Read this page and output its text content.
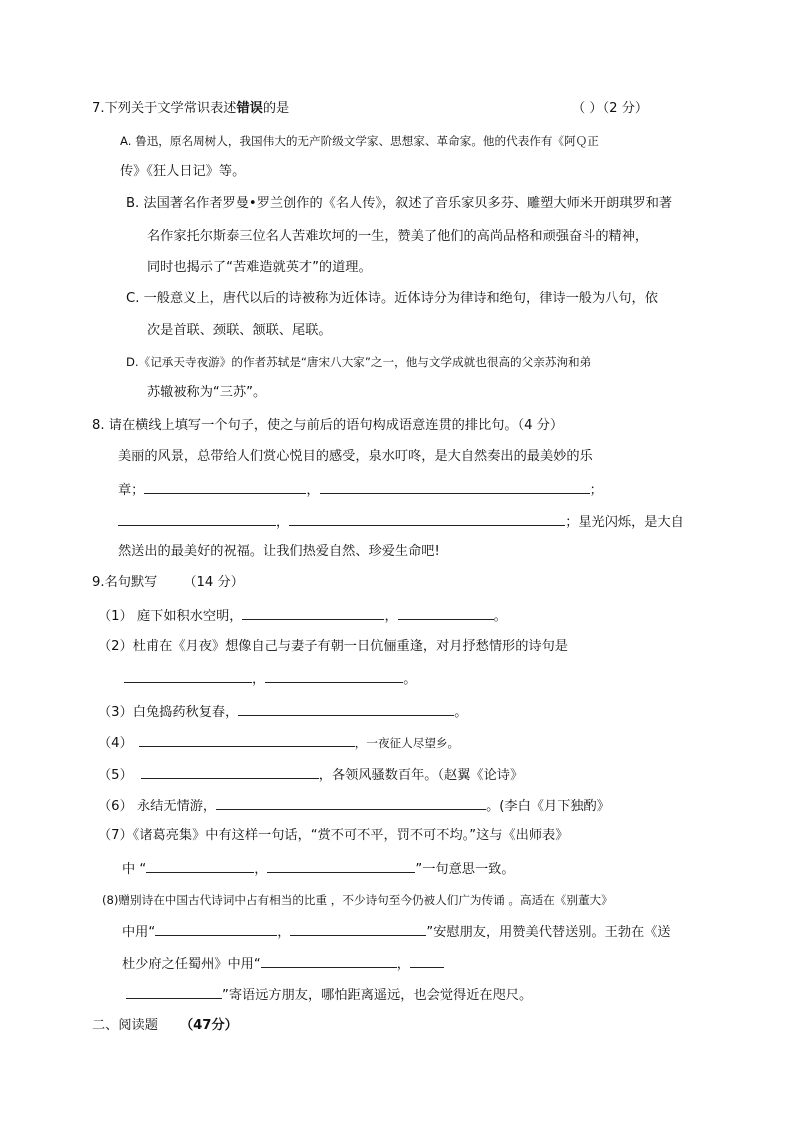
7.下列关于文学常识表述错误的是	（ ）（2 分）
A. 鲁迅，原名周树人，我国伟大的无产阶级文学家、思想家、革命家。他的代表作有《阿Ｑ正
传》《狂人日记》等。
B. 法国著名作者罗曼•罗兰创作的《名人传》，叙述了音乐家贝多芬、雕塑大师米开朗琪罗和著
名作家托尔斯泰三位名人苦难坎坷的一生，赞美了他们的高尚品格和顽强奋斗的精神，
同时也揭示了“苦难造就英才”的道理。
C. 一般意义上，唐代以后的诗被称为近体诗。近体诗分为律诗和绝句，律诗一般为八句，依
次是首联、颈联、颔联、尾联。
D.《记承天寺夜游》的作者苏轼是“唐宋八大家”之一，他与文学成就也很高的父亲苏洵和弟
苏辙被称为“三苏”。
8. 请在横线上填写一个句子，使之与前后的语句构成语意连贯的排比句。（4 分）
美丽的风景，总带给人们赏心悦目的感受，泉水叮咚，是大自然奏出的最美妙的乐
章；	，	；
，	；星光闪烁，是大自
然送出的最美好的祝福。让我们热爱自然、珍爱生命吧!
9.名句默写 （14 分）
（1） 庭下如积水空明，	，	。
（2）杜甫在《月夜》想像自己与妻子有朝一日伉俪重逢，对月抒愁情形的诗句是
，	。
（3）白兔捣药秋复春，	。
（4）	，一夜征人尽望乡。
（5）	，各领风骚数百年。（赵翼《论诗》
（6） 永结无情游，	。(李白《月下独酌》
（7）《诸葛亮集》中有这样一句话，“赏不可不平，罚不可不均。”这与《出师表》
中 “	，	”一句意思一致。
(8)赠别诗在中国古代诗词中占有相当的比重 ，不少诗句至今仍被人们广为传诵 。高适在《别董大》
中用“	，	”安慰朋友，用赞美代替送别。王勃在《送
杜少府之任蜀州》中用“	，
”寄语远方朋友，哪怕距离遥远，也会觉得近在咫尺。
二、阅读题 （47分）
